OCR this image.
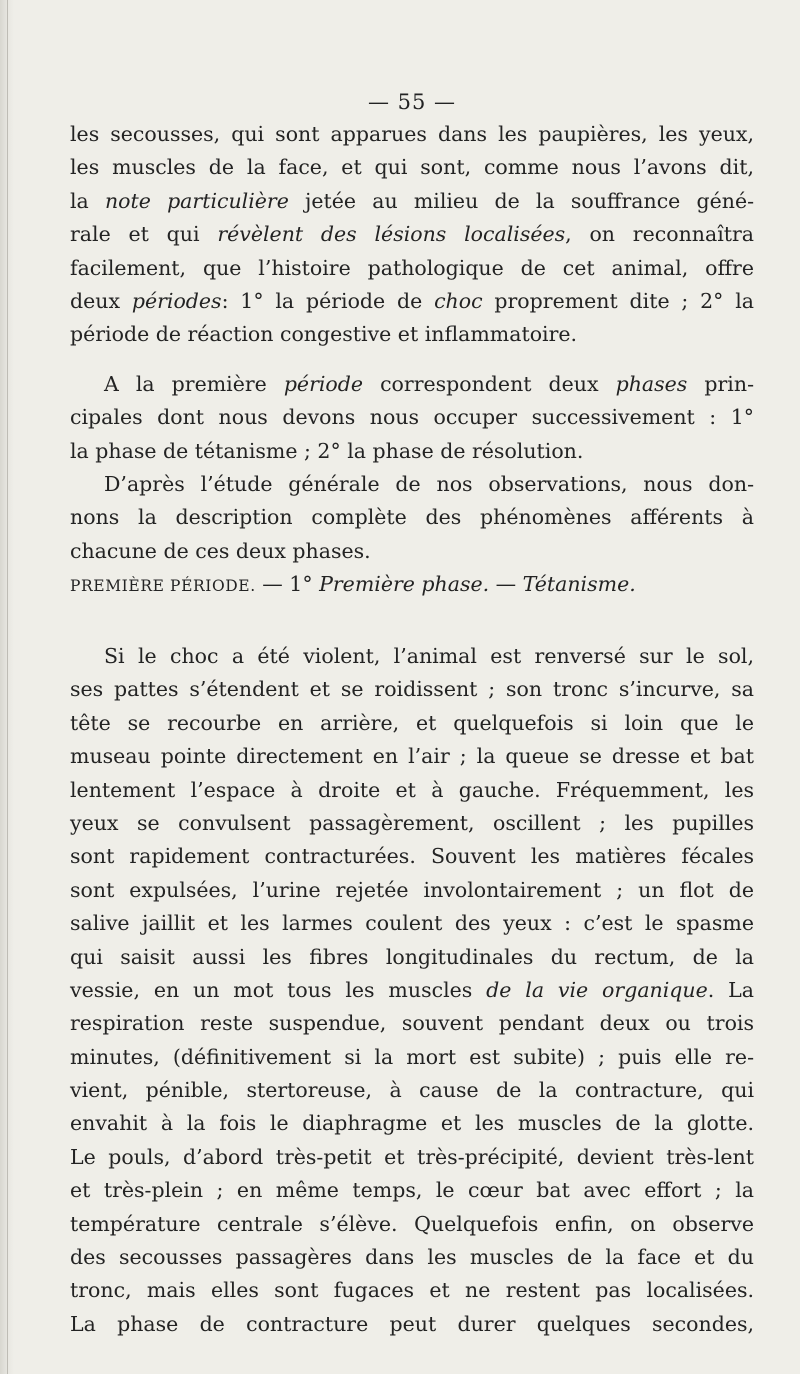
— 55 —
les secousses, qui sont apparues dans les paupières, les yeux,
les muscles de la face, et qui sont, comme nous l’avons dit,
la note particulière jetée au milieu de la souffrance géné-
rale et qui révèlent des lésions localisées, on reconnaîtra
facilement, que l’histoire pathologique de cet animal, offre
deux périodes: 1° la période de choc proprement dite ; 2° la
période de réaction congestive et inflammatoire.
A la première période correspondent deux phases prin-
cipales dont nous devons nous occuper successivement : 1°
la phase de tétanisme ; 2° la phase de résolution.
D’après l’étude générale de nos observations, nous don-
nons la description complète des phénomènes afférents à
chacune de ces deux phases.
PREMIÈRE PÉRIODE. — 1° Première phase. — Tétanisme.
Si le choc a été violent, l’animal est renversé sur le sol,
ses pattes s’étendent et se roidissent ; son tronc s’incurve, sa
tête se recourbe en arrière, et quelquefois si loin que le
museau pointe directement en l’air ; la queue se dresse et bat
lentement l’espace à droite et à gauche. Fréquemment, les
yeux se convulsent passagèrement, oscillent ; les pupilles
sont rapidement contracturées. Souvent les matières fécales
sont expulsées, l’urine rejetée involontairement ; un flot de
salive jaillit et les larmes coulent des yeux : c’est le spasme
qui saisit aussi les fibres longitudinales du rectum, de la
vessie, en un mot tous les muscles de la vie organique. La
respiration reste suspendue, souvent pendant deux ou trois
minutes, (définitivement si la mort est subite) ; puis elle re-
vient, pénible, stertoreuse, à cause de la contracture, qui
envahit à la fois le diaphragme et les muscles de la glotte.
Le pouls, d’abord très-petit et très-précipité, devient très-lent
et très-plein ; en même temps, le cœur bat avec effort ; la
température centrale s’élève. Quelquefois enfin, on observe
des secousses passagères dans les muscles de la face et du
tronc, mais elles sont fugaces et ne restent pas localisées.
La phase de contracture peut durer quelques secondes,
